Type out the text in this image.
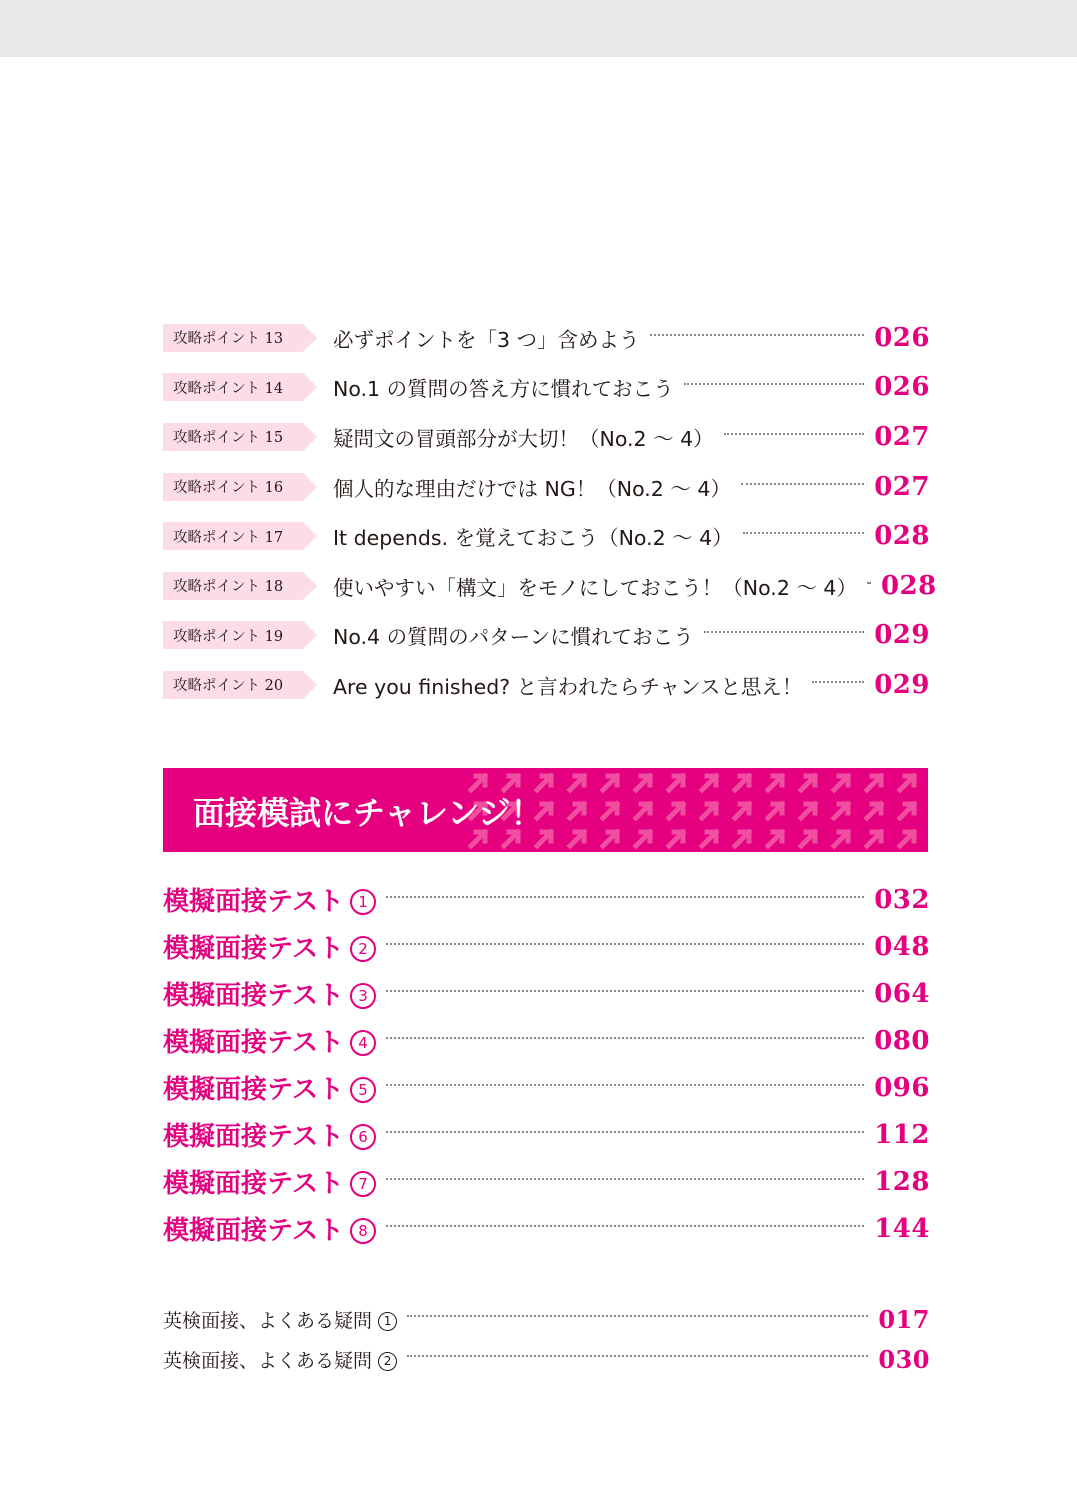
攻略ポイント 13	必ずポイントを「3 つ」含めよう	026
攻略ポイント 14	No.1 の質問の答え方に慣れておこう	026
攻略ポイント 15	疑問文の冒頭部分が大切！（No.2 ～ 4）	027
攻略ポイント 16	個人的な理由だけでは NG！（No.2 ～ 4）	027
攻略ポイント 17	It depends. を覚えておこう（No.2 ～ 4）	028
攻略ポイント 18	使いやすい「構文」をモノにしておこう！（No.2 ～ 4） 028
攻略ポイント 19	No.4 の質問のパターンに慣れておこう	029
攻略ポイント 20	Are you finished? と言われたらチャンスと思え！	029
面接模試にチャレンジ！
模擬面接テスト 1	032
模擬面接テスト 2	048
模擬面接テスト 3	064
模擬面接テスト 4	080
模擬面接テスト 5	096
模擬面接テスト 6	112
模擬面接テスト 7	128
模擬面接テスト 8	144
英検面接、よくある疑問 1	017
英検面接、よくある疑問 2	030
